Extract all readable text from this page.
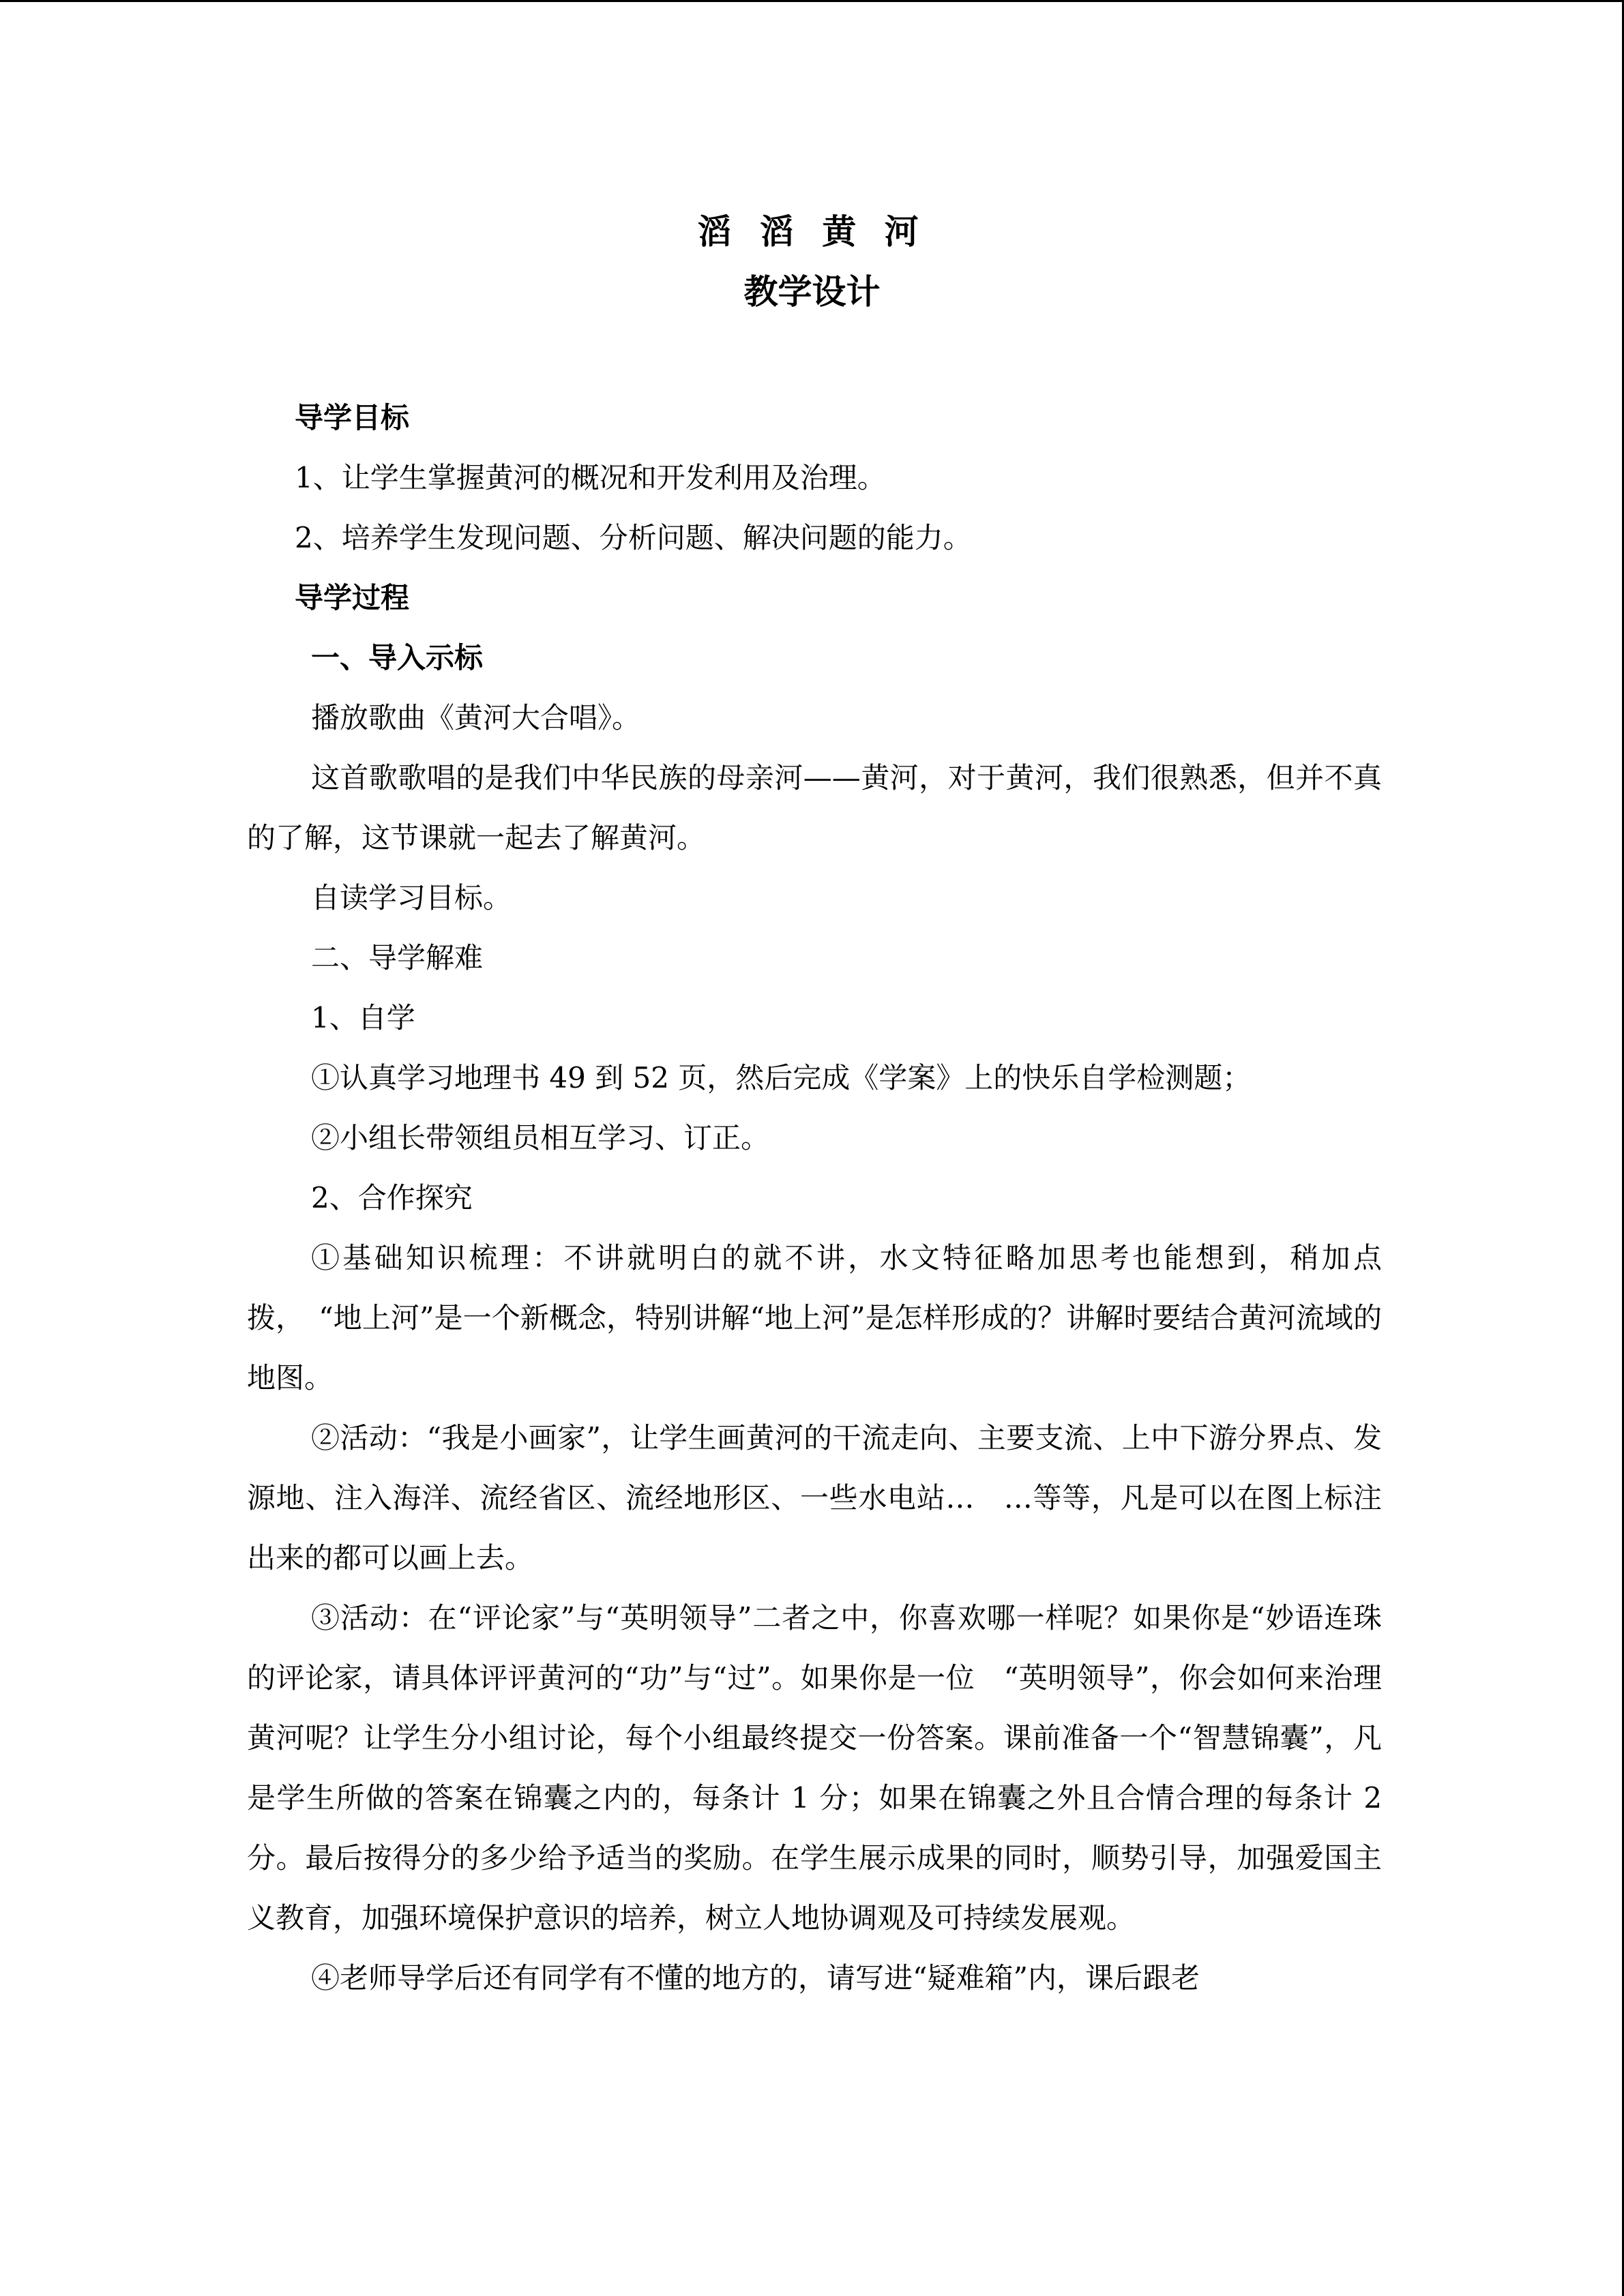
滔 滔 黄 河
教学设计
导学目标
1、让学生掌握黄河的概况和开发利用及治理。
2、培养学生发现问题、分析问题、解决问题的能力。
导学过程
一、导入示标
播放歌曲《黄河大合唱》。

这首歌歌唱的是我们中华民族的母亲河——黄河，对于黄河，我们很熟悉，但并不真的了解，这节课就一起去了解黄河。

自读学习目标。
二、导学解难
1、自学
①认真学习地理书 49 到 52 页，然后完成《学案》上的快乐自学检测题；
②小组长带领组员相互学习、订正。
2、合作探究

①基础知识梳理：不讲就明白的就不讲，水文特征略加思考也能想到，稍加点拨，　“地上河”是一个新概念，特别讲解“地上河”是怎样形成的？讲解时要结合黄河流域的地图。

②活动：“我是小画家”，让学生画黄河的干流走向、主要支流、上中下游分界点、发源地、注入海洋、流经省区、流经地形区、一些水电站…　…等等，凡是可以在图上标注出来的都可以画上去。

③活动：在“评论家”与“英明领导”二者之中，你喜欢哪一样呢？如果你是“妙语连珠的评论家，请具体评评黄河的“功”与“过”。如果你是一位　“英明领导”，你会如何来治理黄河呢？让学生分小组讨论，每个小组最终提交一份答案。课前准备一个“智慧锦囊”，凡是学生所做的答案在锦囊之内的，每条计 1 分；如果在锦囊之外且合情合理的每条计 2 分。最后按得分的多少给予适当的奖励。在学生展示成果的同时，顺势引导，加强爱国主义教育，加强环境保护意识的培养，树立人地协调观及可持续发展观。

④老师导学后还有同学有不懂的地方的，请写进“疑难箱”内，课后跟老
